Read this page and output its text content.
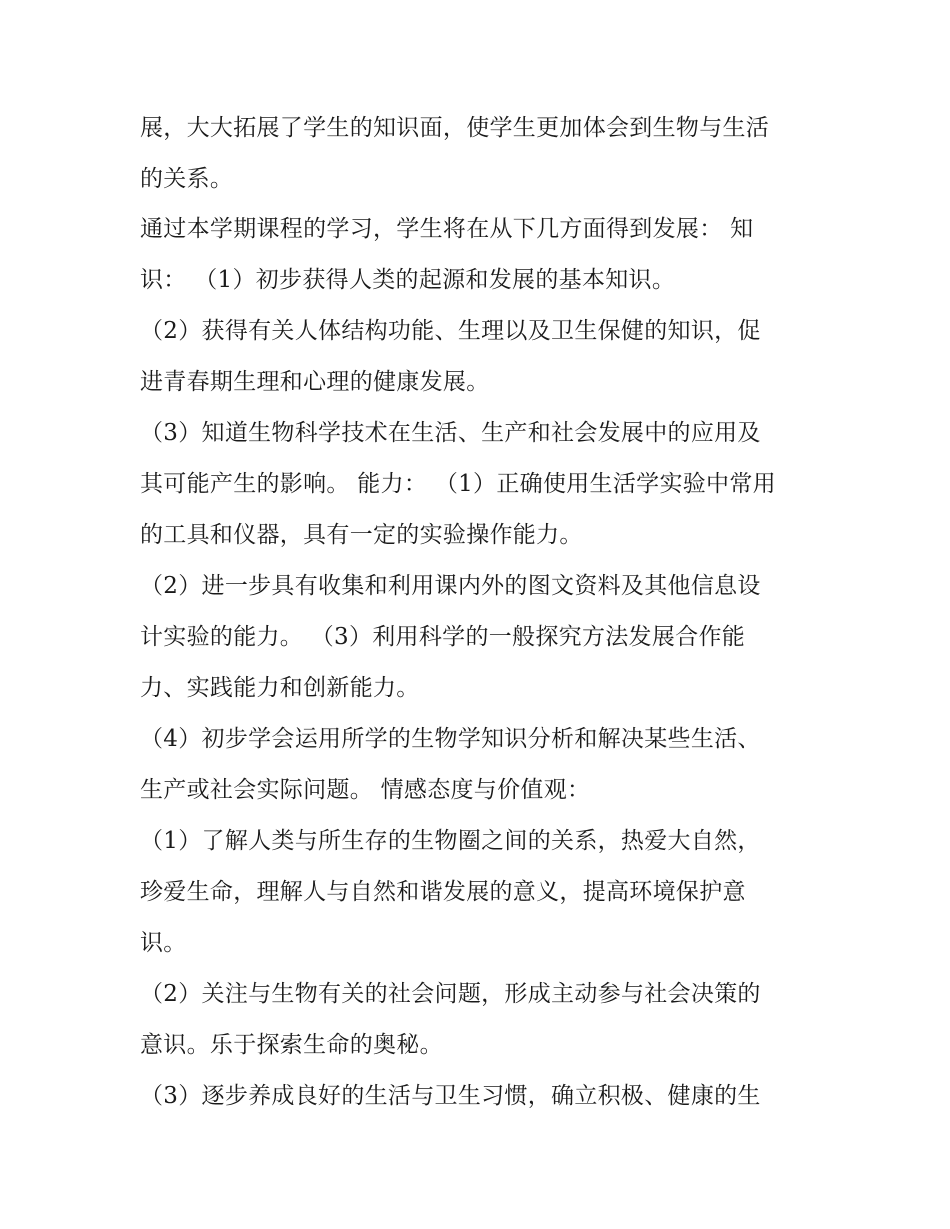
展，大大拓展了学生的知识面，使学生更加体会到生物与生活
的关系。
通过本学期课程的学习，学生将在从下几方面得到发展： 知
识： （1）初步获得人类的起源和发展的基本知识。
（2）获得有关人体结构功能、生理以及卫生保健的知识，促
进青春期生理和心理的健康发展。
（3）知道生物科学技术在生活、生产和社会发展中的应用及
其可能产生的影响。 能力： （1）正确使用生活学实验中常用
的工具和仪器，具有一定的实验操作能力。
（2）进一步具有收集和利用课内外的图文资料及其他信息设
计实验的能力。 （3）利用科学的一般探究方法发展合作能
力、实践能力和创新能力。
（4）初步学会运用所学的生物学知识分析和解决某些生活、
生产或社会实际问题。 情感态度与价值观：
（1）了解人类与所生存的生物圈之间的关系，热爱大自然，
珍爱生命，理解人与自然和谐发展的意义，提高环境保护意
识。
（2）关注与生物有关的社会问题，形成主动参与社会决策的
意识。乐于探索生命的奥秘。
（3）逐步养成良好的生活与卫生习惯，确立积极、健康的生
